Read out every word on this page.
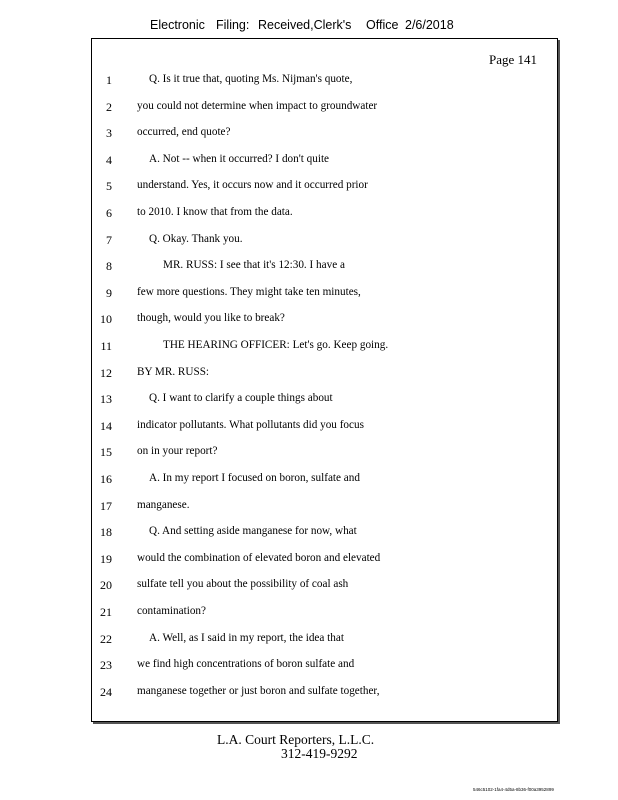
Electronic Filing: Received,Clerk's Office 2/6/2018
Page 141
1	Q. Is it true that, quoting Ms. Nijman's quote,
2 you could not determine when impact to groundwater
3 occurred, end quote?
4	A. Not -- when it occurred? I don't quite
5 understand. Yes, it occurs now and it occurred prior
6 to 2010. I know that from the data.
7	Q. Okay. Thank you.
8	MR. RUSS: I see that it's 12:30. I have a
9 few more questions. They might take ten minutes,
10 though, would you like to break?
11	THE HEARING OFFICER: Let's go. Keep going.
12 BY MR. RUSS:
13	Q. I want to clarify a couple things about
14 indicator pollutants. What pollutants did you focus
15 on in your report?
16	A. In my report I focused on boron, sulfate and
17 manganese.
18	Q. And setting aside manganese for now, what
19 would the combination of elevated boron and elevated
20 sulfate tell you about the possibility of coal ash
21 contamination?
22	A. Well, as I said in my report, the idea that
23 we find high concentrations of boron sulfate and
24 manganese together or just boron and sulfate together,
L.A. Court Reporters, L.L.C.
312-419-9292
546c5102-1fa4-4d5a-8b36-f00a3952899
